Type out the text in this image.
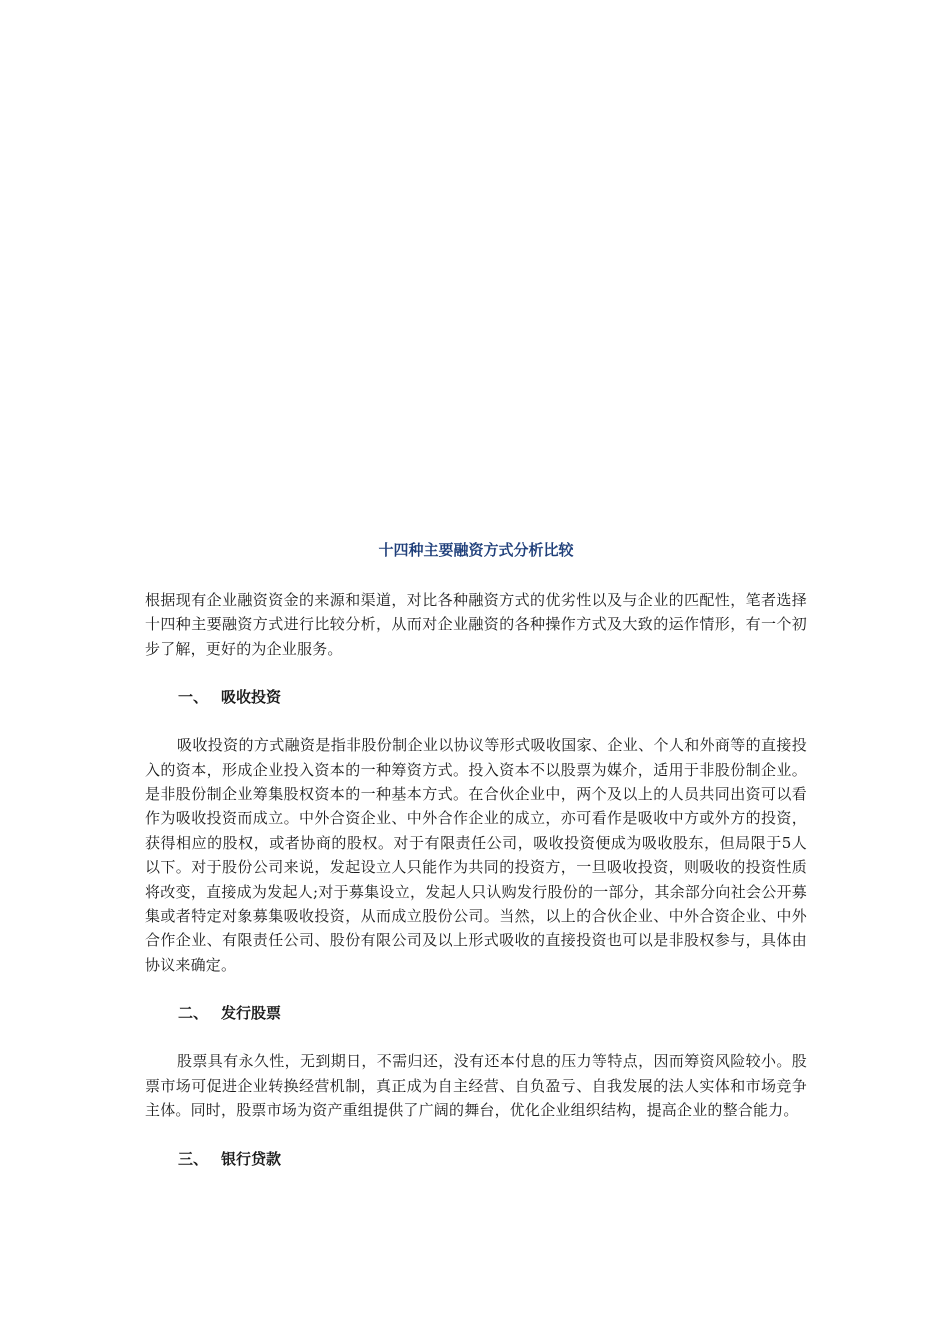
十四种主要融资方式分析比较

根据现有企业融资资金的来源和渠道，对比各种融资方式的优劣性以及与企业的匹配性，笔者选择十四种主要融资方式进行比较分析，从而对企业融资的各种操作方式及大致的运作情形，有一个初步了解，更好的为企业服务。

一、 吸收投资

吸收投资的方式融资是指非股份制企业以协议等形式吸收国家、企业、个人和外商等的直接投入的资本，形成企业投入资本的一种筹资方式。投入资本不以股票为媒介，适用于非股份制企业。是非股份制企业筹集股权资本的一种基本方式。在合伙企业中，两个及以上的人员共同出资可以看作为吸收投资而成立。中外合资企业、中外合作企业的成立，亦可看作是吸收中方或外方的投资，获得相应的股权，或者协商的股权。对于有限责任公司，吸收投资便成为吸收股东，但局限于5人以下。对于股份公司来说，发起设立人只能作为共同的投资方，一旦吸收投资，则吸收的投资性质将改变，直接成为发起人;对于募集设立，发起人只认购发行股份的一部分，其余部分向社会公开募集或者特定对象募集吸收投资，从而成立股份公司。当然，以上的合伙企业、中外合资企业、中外合作企业、有限责任公司、股份有限公司及以上形式吸收的直接投资也可以是非股权参与，具体由协议来确定。

二、 发行股票

股票具有永久性，无到期日，不需归还，没有还本付息的压力等特点，因而筹资风险较小。股票市场可促进企业转换经营机制，真正成为自主经营、自负盈亏、自我发展的法人实体和市场竞争主体。同时，股票市场为资产重组提供了广阔的舞台，优化企业组织结构，提高企业的整合能力。

三、 银行贷款
